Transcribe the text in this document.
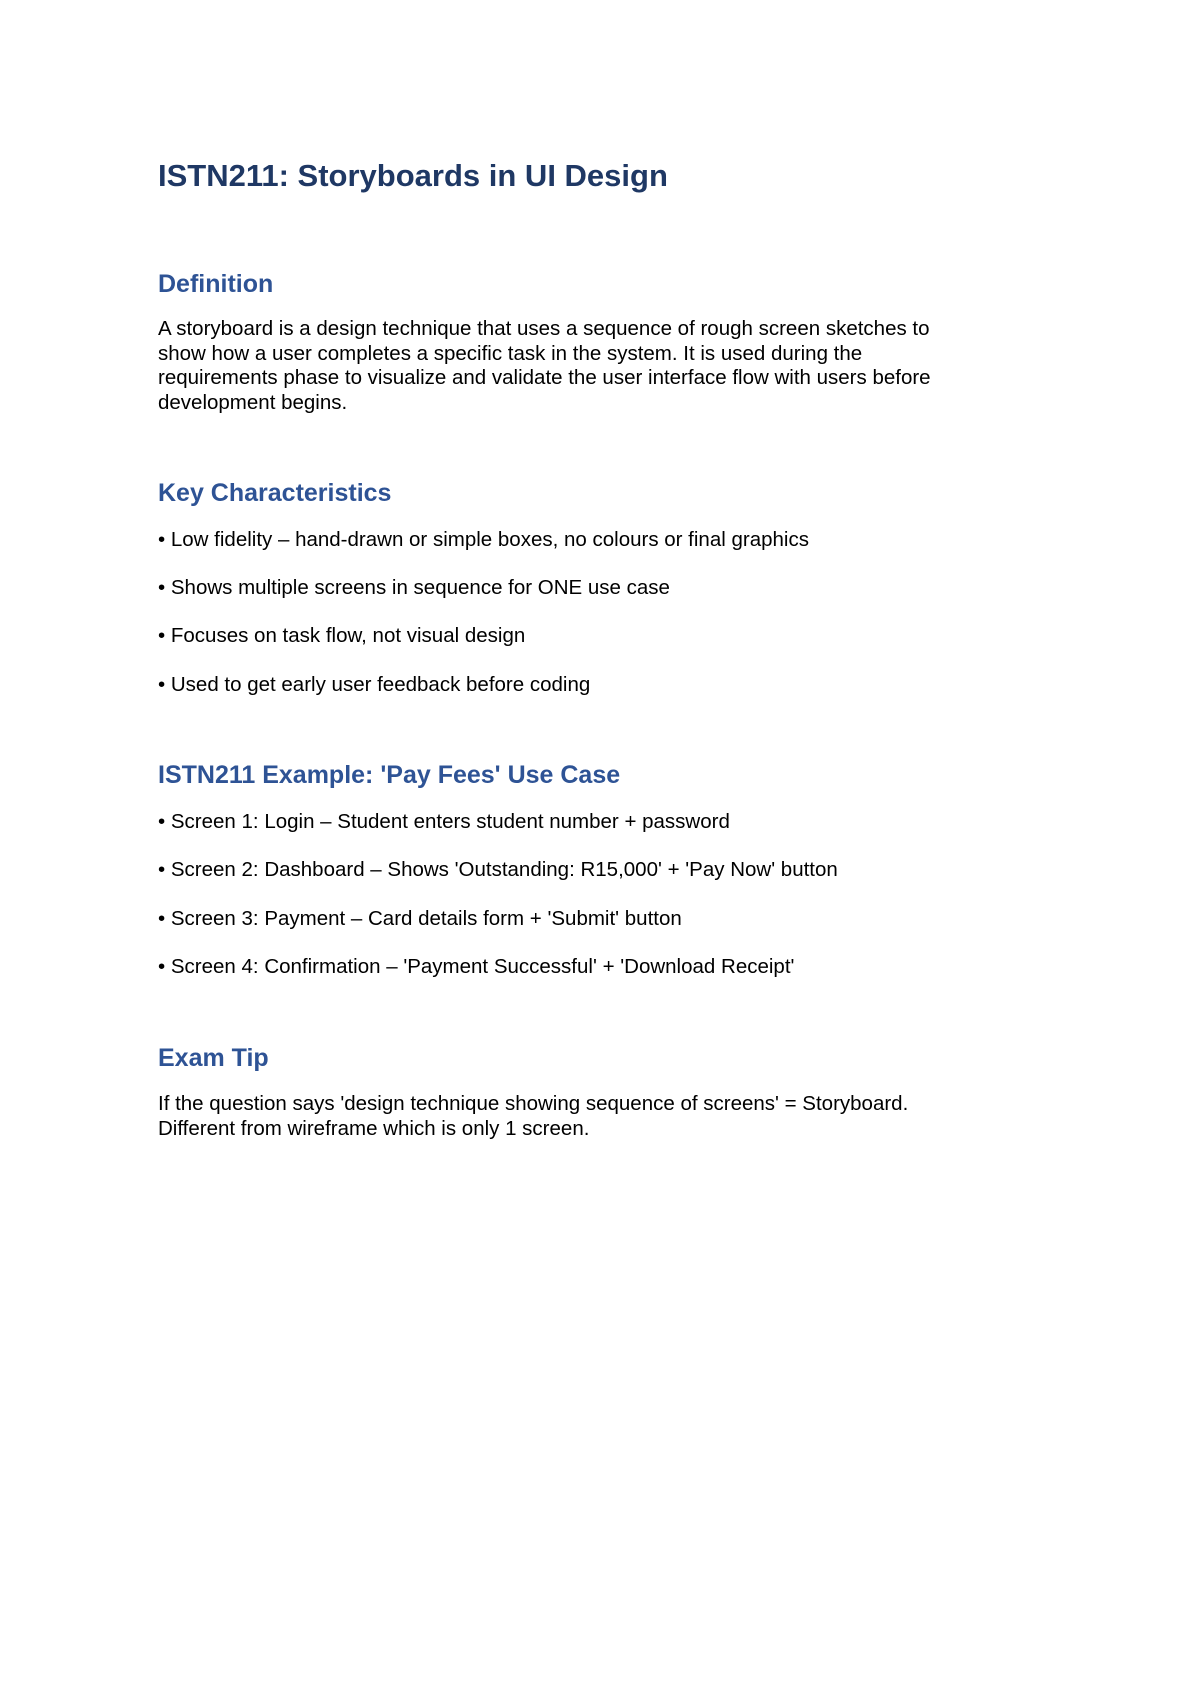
ISTN211: Storyboards in UI Design
Definition

A storyboard is a design technique that uses a sequence of rough screen sketches to
show how a user completes a specific task in the system. It is used during the
requirements phase to visualize and validate the user interface flow with users before
development begins.

Key Characteristics

• Low fidelity – hand-drawn or simple boxes, no colours or final graphics

• Shows multiple screens in sequence for ONE use case

• Focuses on task flow, not visual design

• Used to get early user feedback before coding

ISTN211 Example: 'Pay Fees' Use Case

• Screen 1: Login – Student enters student number + password

• Screen 2: Dashboard – Shows 'Outstanding: R15,000' + 'Pay Now' button

• Screen 3: Payment – Card details form + 'Submit' button

• Screen 4: Confirmation – 'Payment Successful' + 'Download Receipt'

Exam Tip

If the question says 'design technique showing sequence of screens' = Storyboard.
Different from wireframe which is only 1 screen.
